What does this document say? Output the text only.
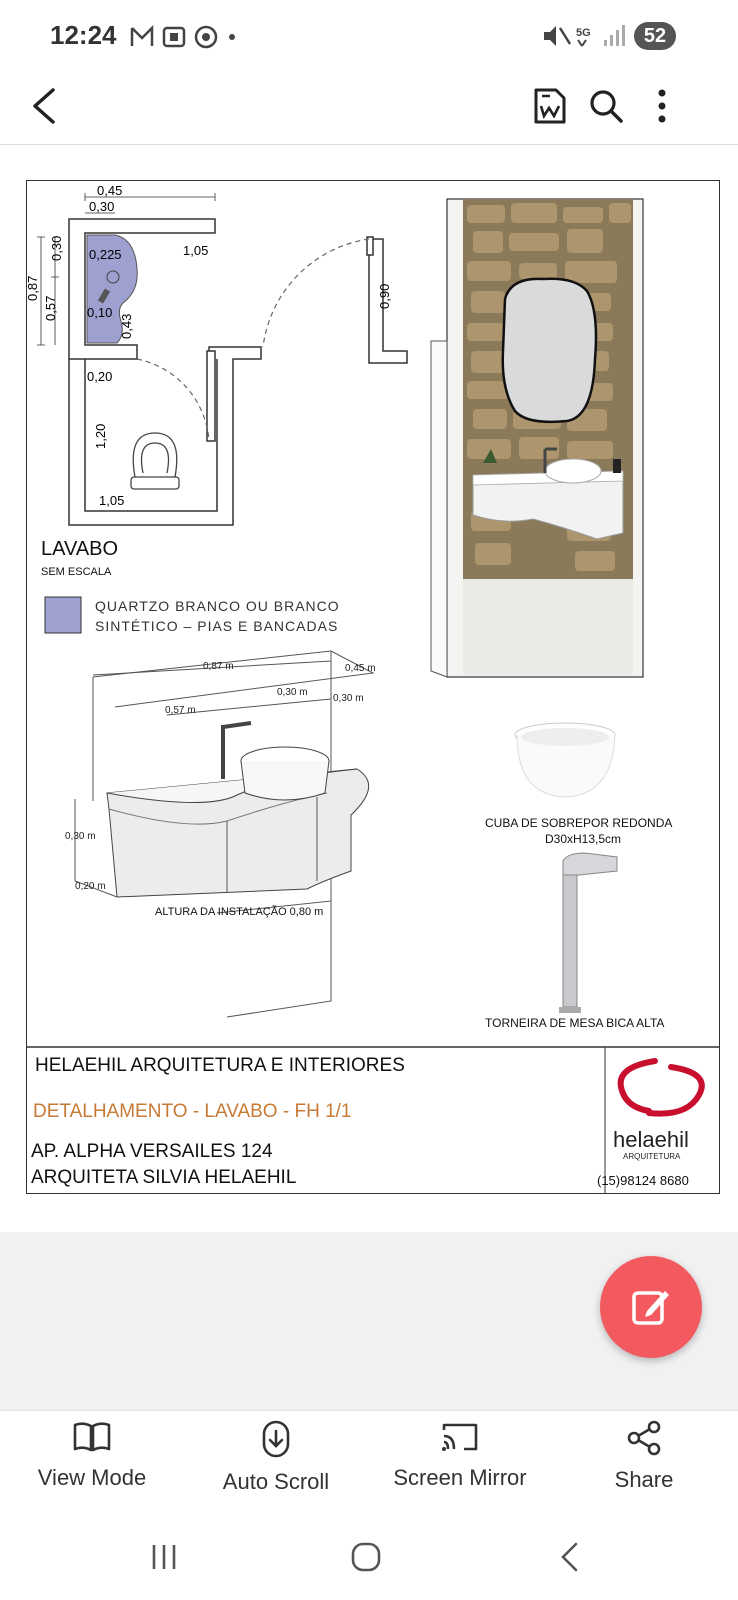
12:24	5G	52
0,45
0,30
0,30 0,225	1,05
0,87
0,57 0,10
0,43
0,90
0,20
1,20
1,05
LAVABO
SEM ESCALA
QUARTZO BRANCO OU BRANCO
SINTÉTICO – PIAS E BANCADAS
0,87 m	0,45 m
0,30 m
0,30 m
0,57 m
0,30 m
0,20 m
ALTURA DA INSTALAÇÃO 0,80 m
CUBA DE SOBREPOR REDONDA
D30xH13,5cm
TORNEIRA DE MESA BICA ALTA
HELAEHIL ARQUITETURA E INTERIORES
DETALHAMENTO - LAVABO - FH 1/1
AP. ALPHA VERSAILES 124
ARQUITETA SILVIA HELAEHIL
helaehil
ARQUITETURA
(15)98124 8680
View Mode	Auto Scroll	Screen Mirror	Share
